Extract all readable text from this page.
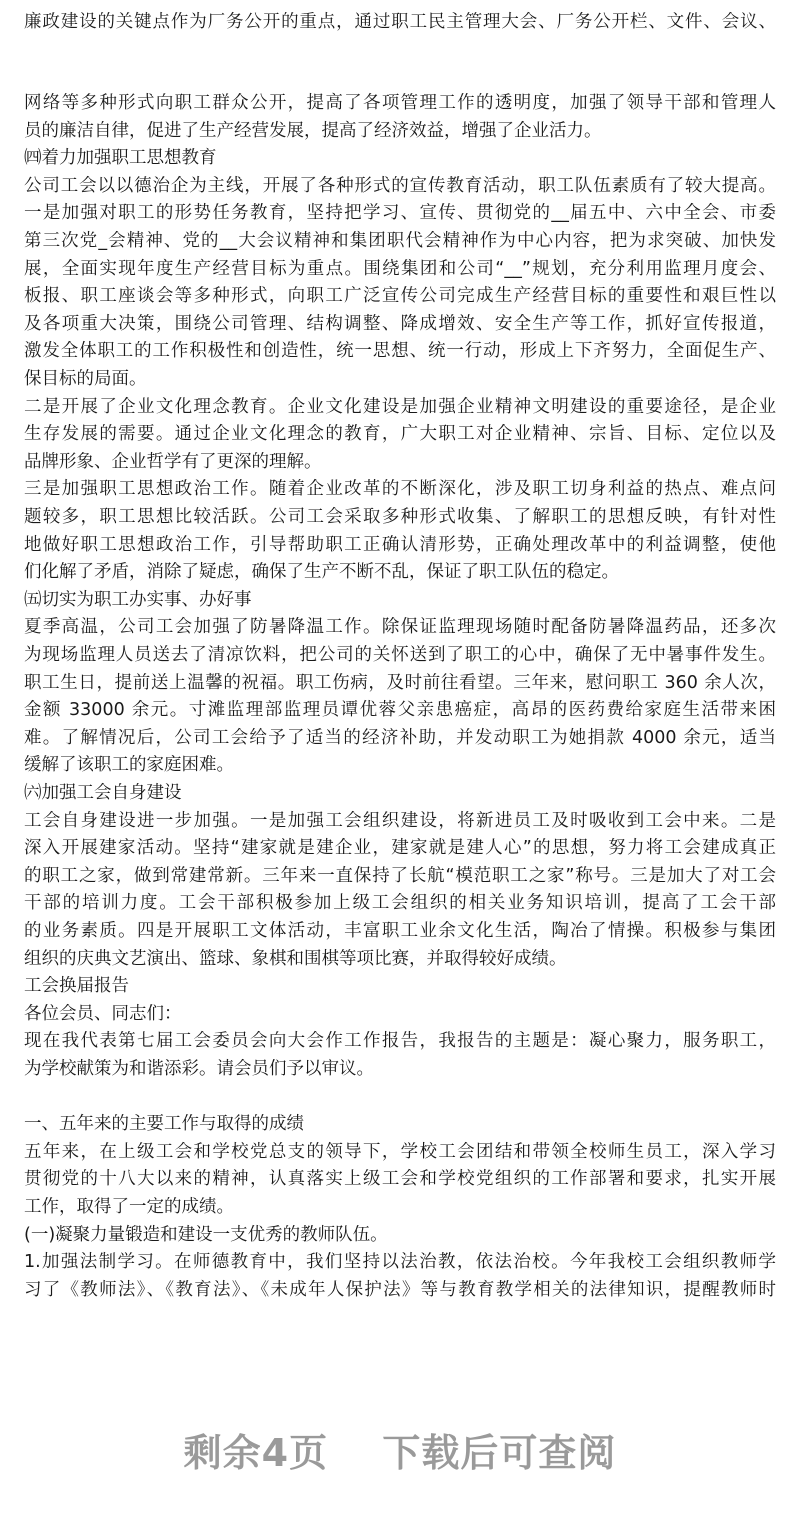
廉政建设的关键点作为厂务公开的重点，通过职工民主管理大会、厂务公开栏、文件、会议、
网络等多种形式向职工群众公开，提高了各项管理工作的透明度，加强了领导干部和管理人
员的廉洁自律，促进了生产经营发展，提高了经济效益，增强了企业活力。
㈣着力加强职工思想教育
公司工会以以德治企为主线，开展了各种形式的宣传教育活动，职工队伍素质有了较大提高。
一是加强对职工的形势任务教育，坚持把学习、宣传、贯彻党的__届五中、六中全会、市委
第三次党_会精神、党的__大会议精神和集团职代会精神作为中心内容，把为求突破、加快发
展，全面实现年度生产经营目标为重点。围绕集团和公司“__”规划，充分利用监理月度会、
板报、职工座谈会等多种形式，向职工广泛宣传公司完成生产经营目标的重要性和艰巨性以
及各项重大决策，围绕公司管理、结构调整、降成增效、安全生产等工作，抓好宣传报道，
激发全体职工的工作积极性和创造性，统一思想、统一行动，形成上下齐努力，全面促生产、
保目标的局面。
二是开展了企业文化理念教育。企业文化建设是加强企业精神文明建设的重要途径，是企业
生存发展的需要。通过企业文化理念的教育，广大职工对企业精神、宗旨、目标、定位以及
品牌形象、企业哲学有了更深的理解。
三是加强职工思想政治工作。随着企业改革的不断深化，涉及职工切身利益的热点、难点问
题较多，职工思想比较活跃。公司工会采取多种形式收集、了解职工的思想反映，有针对性
地做好职工思想政治工作，引导帮助职工正确认清形势，正确处理改革中的利益调整，使他
们化解了矛盾，消除了疑虑，确保了生产不断不乱，保证了职工队伍的稳定。
㈤切实为职工办实事、办好事
夏季高温，公司工会加强了防暑降温工作。除保证监理现场随时配备防暑降温药品，还多次
为现场监理人员送去了清凉饮料，把公司的关怀送到了职工的心中，确保了无中暑事件发生。
职工生日，提前送上温馨的祝福。职工伤病，及时前往看望。三年来，慰问职工 360 余人次，
金额 33000 余元。寸滩监理部监理员谭优蓉父亲患癌症，高昂的医药费给家庭生活带来困
难。了解情况后，公司工会给予了适当的经济补助，并发动职工为她捐款 4000 余元，适当
缓解了该职工的家庭困难。
㈥加强工会自身建设
工会自身建设进一步加强。一是加强工会组织建设，将新进员工及时吸收到工会中来。二是
深入开展建家活动。坚持“建家就是建企业，建家就是建人心”的思想，努力将工会建成真正
的职工之家，做到常建常新。三年来一直保持了长航“模范职工之家”称号。三是加大了对工会
干部的培训力度。工会干部积极参加上级工会组织的相关业务知识培训，提高了工会干部
的业务素质。四是开展职工文体活动，丰富职工业余文化生活，陶冶了情操。积极参与集团
组织的庆典文艺演出、篮球、象棋和围棋等项比赛，并取得较好成绩。
工会换届报告
各位会员、同志们：
现在我代表第七届工会委员会向大会作工作报告，我报告的主题是：凝心聚力，服务职工，
为学校献策为和谐添彩。请会员们予以审议。
一、五年来的主要工作与取得的成绩
五年来，在上级工会和学校党总支的领导下，学校工会团结和带领全校师生员工，深入学习
贯彻党的十八大以来的精神，认真落实上级工会和学校党组织的工作部署和要求，扎实开展
工作，取得了一定的成绩。
(一)凝聚力量锻造和建设一支优秀的教师队伍。
1.加强法制学习。在师德教育中，我们坚持以法治教，依法治校。今年我校工会组织教师学
习了《教师法》、《教育法》、《未成年人保护法》等与教育教学相关的法律知识，提醒教师时
剩余4页 下载后可查阅
